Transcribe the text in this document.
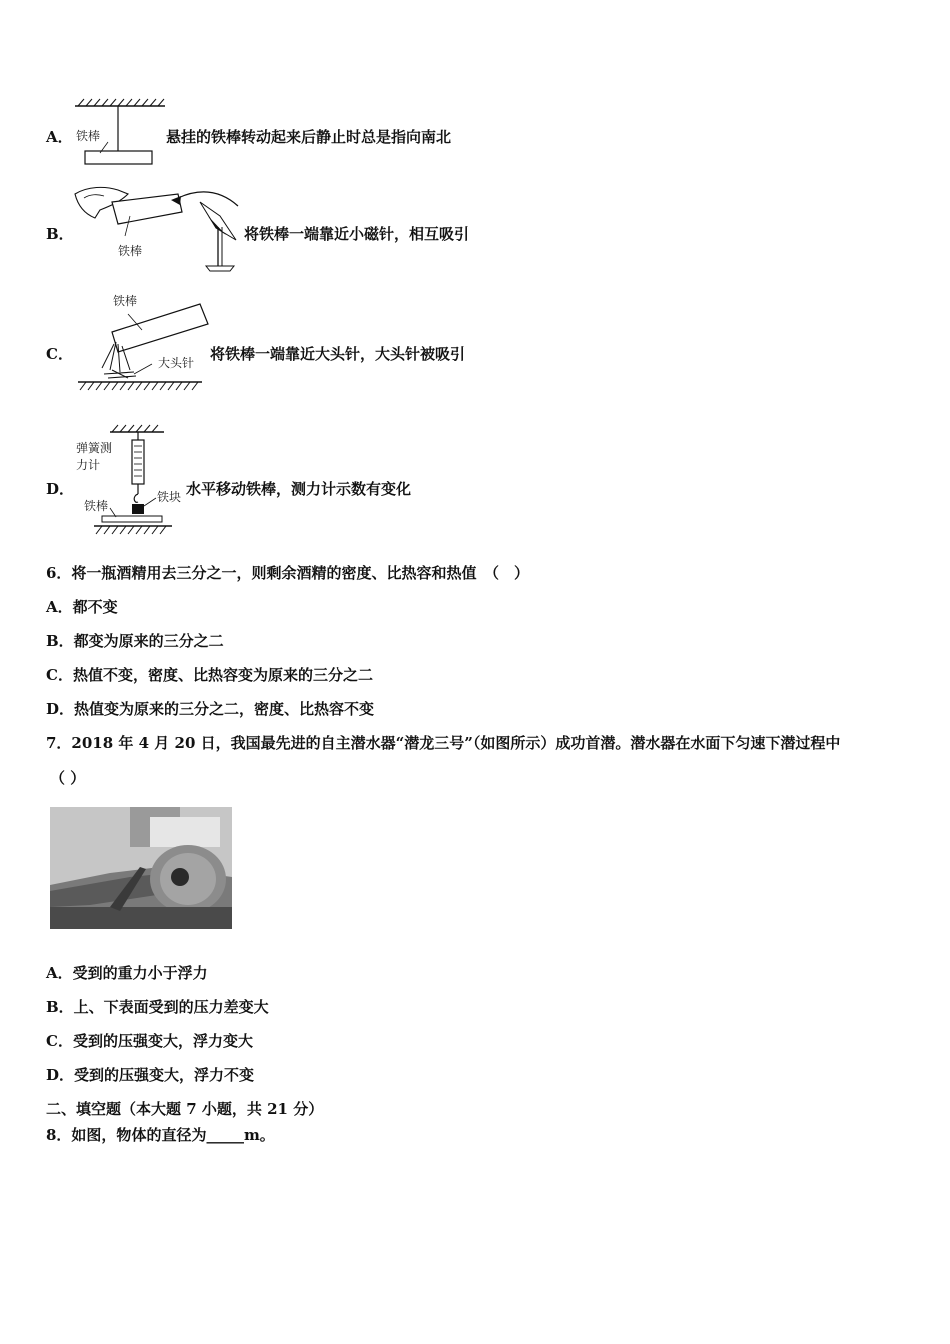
铁棒
A．	悬挂的铁棒转动起来后静止时总是指向南北
铁棒
B．	将铁棒一端靠近小磁针，相互吸引
铁棒
大头针
C．	将铁棒一端靠近大头针，大头针被吸引
弹簧测
力计
铁块
铁棒
D．	水平移动铁棒，测力计示数有变化
6．将一瓶酒精用去三分之一，则剩余酒精的密度、比热容和热值　（　）
A．都不变
B．都变为原来的三分之二
C．热值不变，密度、比热容变为原来的三分之二
D．热值变为原来的三分之二，密度、比热容不变
7．2018 年 4 月 20 日，我国最先进的自主潜水器“潜龙三号”（如图所示）成功首潜。潜水器在水面下匀速下潜过程中
（ ）
A．受到的重力小于浮力
B．上、下表面受到的压力差变大
C．受到的压强变大，浮力变大
D．受到的压强变大，浮力不变
二、填空题（本大题 7 小题，共 21 分）
8．如图，物体的直径为_____m。
